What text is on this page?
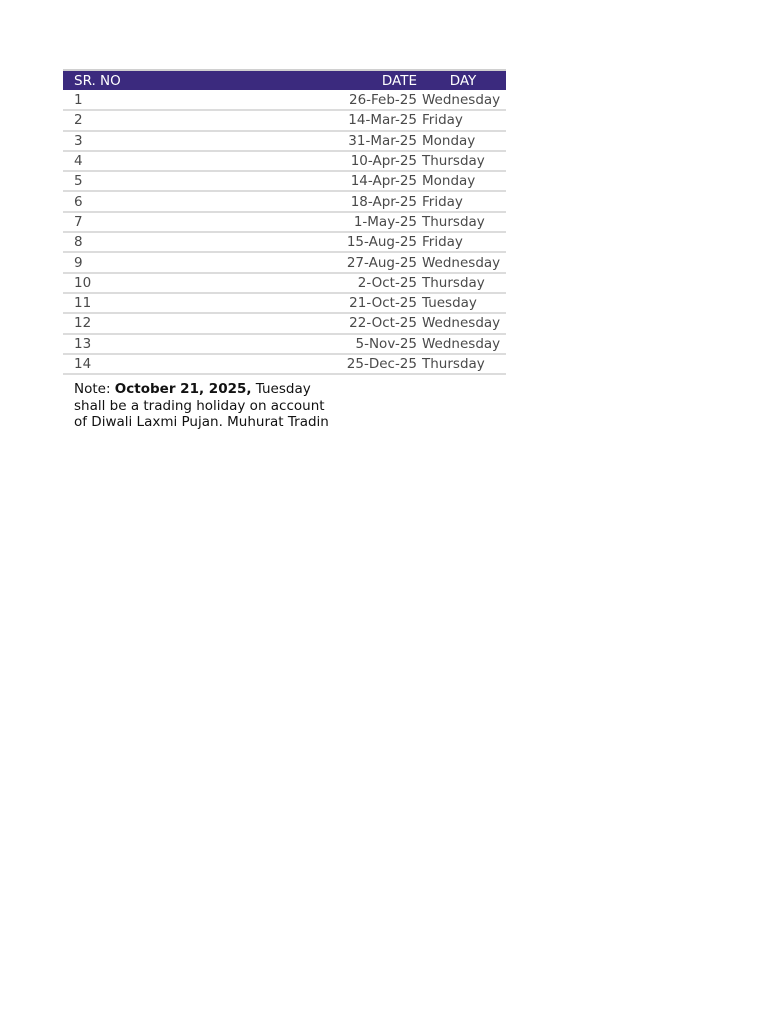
SR. NO	DATE	DAY
1	26-Feb-25	Wednesday
2	14-Mar-25	Friday
3	31-Mar-25	Monday
4	10-Apr-25	Thursday
5	14-Apr-25	Monday
6	18-Apr-25	Friday
7	1-May-25	Thursday
8	15-Aug-25	Friday
9	27-Aug-25	Wednesday
10	2-Oct-25	Thursday
11	21-Oct-25	Tuesday
12	22-Oct-25	Wednesday
13	5-Nov-25	Wednesday
14	25-Dec-25	Thursday
Note: October 21, 2025, Tuesday
shall be a trading holiday on account
of Diwali Laxmi Pujan. Muhurat Tradin
